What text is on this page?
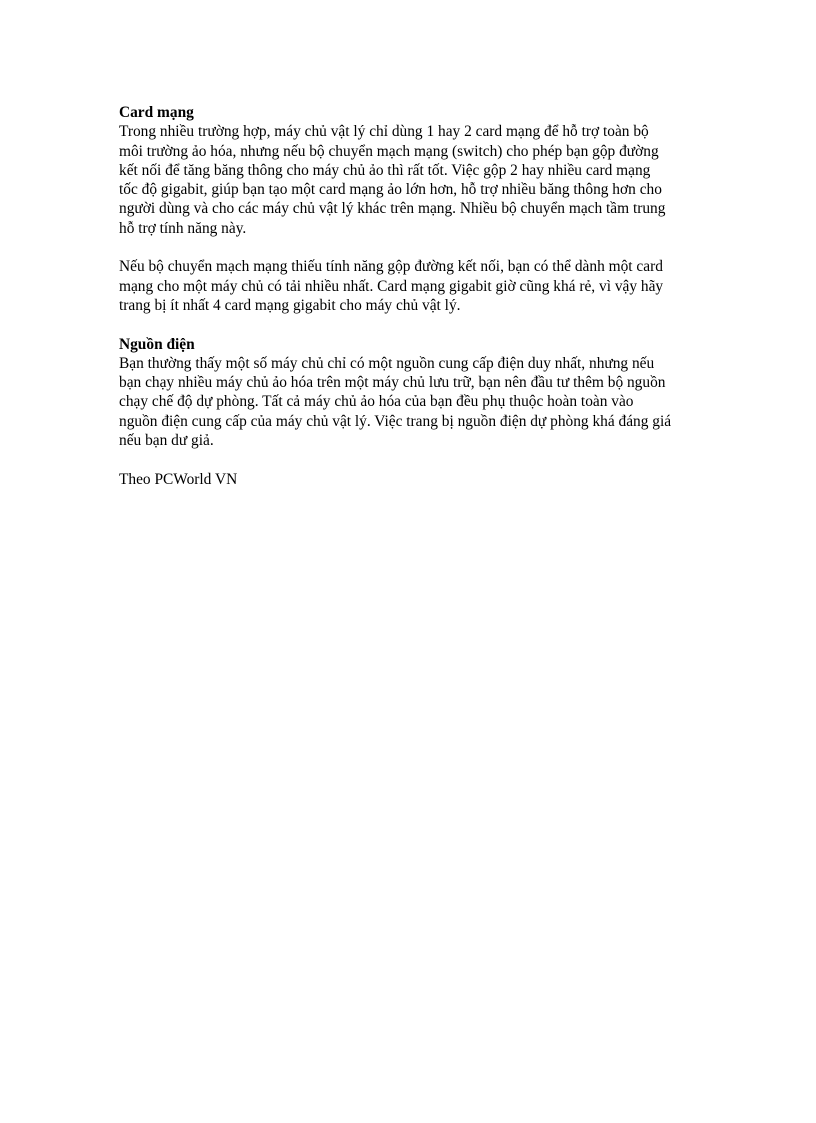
Card mạng
Trong nhiều trường hợp, máy chủ vật lý chỉ dùng 1 hay 2 card mạng để hỗ trợ toàn bộ
môi trường ảo hóa, nhưng nếu bộ chuyển mạch mạng (switch) cho phép bạn gộp đường
kết nối để tăng băng thông cho máy chủ ảo thì rất tốt. Việc gộp 2 hay nhiều card mạng
tốc độ gigabit, giúp bạn tạo một card mạng ảo lớn hơn, hỗ trợ nhiều băng thông hơn cho
người dùng và cho các máy chủ vật lý khác trên mạng. Nhiều bộ chuyển mạch tầm trung
hỗ trợ tính năng này.
Nếu bộ chuyển mạch mạng thiếu tính năng gộp đường kết nối, bạn có thể dành một card
mạng cho một máy chủ có tải nhiều nhất. Card mạng gigabit giờ cũng khá rẻ, vì vậy hãy
trang bị ít nhất 4 card mạng gigabit cho máy chủ vật lý.
Nguồn điện
Bạn thường thấy một số máy chủ chỉ có một nguồn cung cấp điện duy nhất, nhưng nếu
bạn chạy nhiều máy chủ ảo hóa trên một máy chủ lưu trữ, bạn nên đầu tư thêm bộ nguồn
chạy chế độ dự phòng. Tất cả máy chủ ảo hóa của bạn đều phụ thuộc hoàn toàn vào
nguồn điện cung cấp của máy chủ vật lý. Việc trang bị nguồn điện dự phòng khá đáng giá
nếu bạn dư giả.
Theo PCWorld VN
